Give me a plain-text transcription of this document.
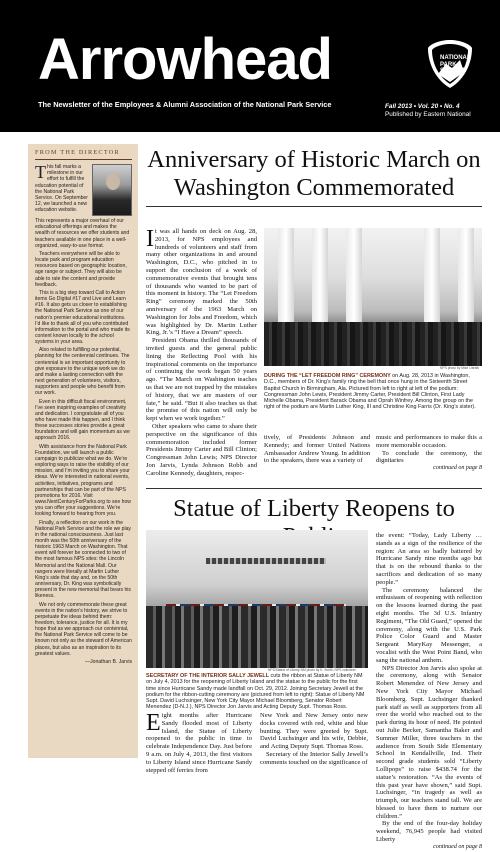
Arrowhead
The Newsletter of the Employees & Alumni Association of the National Park Service	Fall 2013 • Vol. 20 • No. 4
Published by Eastern National
NATIONAL PARK SERVICE
FROM THE DIRECTOR
This fall marks a milestone in our effort to fulfill the education potential of the National Park Service. On September 12, we launched a new education website.

This represents a major overhaul of our educational offerings and makes the wealth of resources we offer students and teachers available in one place in a well-organized, easy-to-use format.

Teachers everywhere will be able to locate park and program education resources based on geographic location, age range or subject. They will also be able to rate the content and provide feedback.

This is a big step toward Call to Action items Go Digital #17 and Live and Learn #16. It also gets us closer to establishing the National Park Service as one of our nation’s premier educational institutions. I’d like to thank all of you who contributed information to the portal and who made its content known locally to the school systems in your area.

Also related to fulfilling our potential, planning for the centennial continues. The centennial is an important opportunity to give exposure to the unique work we do and make a lasting connection with the next generation of volunteers, visitors, supporters and people who benefit from our work.

Even in this difficult fiscal environment, I’ve seen inspiring examples of creativity and dedication. I congratulate all of you who have made this happen, and I think these successes stories provide a great foundation and will gain momentum as we approach 2016.

With assistance from the National Park Foundation, we will launch a public campaign to publicize what we do. We’re exploring ways to raise the visibility of our mission, and I’m inviting you to share your ideas. We’re interested in national events, activities, initiatives, programs and partnerships that can be part of the NPS promotions for 2016. Visit www.NextCenturyForParks.org to see how you can offer your suggestions. We’re looking forward to hearing from you.

Finally, a reflection on our work in the National Park Service and the role we play in the national consciousness. Just last month was the 50th anniversary of the historic 1963 March on Washington. That event will forever be connected to two of the most famous NPS sites: the Lincoln Memorial and the National Mall. Our rangers were literally at Martin Luther King’s side that day and, on the 50th anniversary, Dr. King was symbolically present in the new memorial that bears his likeness.

We not only commemorate these great events in the nation’s history, we strive to perpetuate the ideas behind them: freedom, tolerance, justice for all. It is my hope that as we approach our centennial, the National Park Service will come to be known not only as the steward of American places, but also as an inspiration to its greatest values.

—Jonathan B. Jarvis

Anniversary of Historic March on Washington Commemorated

It was all hands on deck on Aug. 28, 2013, for NPS employees and hundreds of volunteers and staff from many other organizations in and around Washington, D.C., who pitched in to support the conclusion of a week of commemorative events that brought tens of thousands who wanted to be part of this moment in history. The “Let Freedom Ring” ceremony marked the 50th anniversary of the 1963 March on Washington for Jobs and Freedom, which was highlighted by Dr. Martin Luther King, Jr.’s “I Have a Dream” speech.

President Obama thrilled thousands of invited guests and the general public lining the Reflecting Pool with his inspirational comments on the importance of continuing the work began 50 years ago. “The March on Washington teaches us that we are not trapped by the mistakes of history, that we are masters of our fate,” he said. “But it also teaches us that the promise of this nation will only be kept when we work together.”

Other speakers who came to share their perspective on the significance of this commemoration included former Presidents Jimmy Carter and Bill Clinton; Congressman John Lewis; NPS Director Jon Jarvis, Lynda Johnson Robb and Caroline Kennedy, daughters, respec-

NPS photo by Mike Libratti
DURING THE “LET FREEDOM RING” CEREMONY on Aug. 28, 2013 in Washington, D.C., members of Dr. King’s family ring the bell that once hung in the Sixteenth Street Baptist Church in Birmingham, Ala. Pictured from left to right at left of the podium: Congressman John Lewis, President Jimmy Carter, President Bill Clinton, First Lady Michelle Obama, President Barack Obama and Oprah Winfrey. Among the group on the right of the podium are Martin Luther King, III and Christine King Farris (Dr. King’s sister).

tively, of Presidents Johnson and Kennedy; and former United Nations Ambassador Andrew Young. In addition to the speakers, there was a variety of

music and performances to make this a more memorable occasion.

To conclude the ceremony, the dignitaries

continued on page 8

Statue of Liberty Reopens to
NPS/Statue of Liberty NM photo by K. Smith, NPS volunteer
SECRETARY OF THE INTERIOR SALLY JEWELL cuts the ribbon at Statue of Liberty NM on July 4, 2013 for the reopening of Liberty Island and the statue to the public for the first time since Hurricane Sandy made landfall on Oct. 29, 2012. Joining Secretary Jewell at the podium for the ribbon-cutting ceremony are (pictured from left to right): Statue of Liberty NM Supt. David Luchsinger, New York City Mayor Michael Bloomberg, Senator Robert Menendez (D-N.J.), NPS Director Jon Jarvis and Acting Deputy Supt. Thomas Ross.

Eight months after Hurricane Sandy flooded most of Liberty Island, the Statue of Liberty reopened to the public in time to celebrate Independence Day. Just before 9 a.m. on July 4, 2013, the first visitors to Liberty Island since Hurricane Sandy stepped off ferries from

New York and New Jersey onto new docks covered with red, white and blue bunting. They were greeted by Supt. David Luchsinger and his wife, Debbie, and Acting Deputy Supt. Thomas Ross.

Secretary of the Interior Sally Jewell’s comments touched on the significance of

the event: “Today, Lady Liberty … stands as a sign of the resilience of the region: An area so badly battered by Hurricane Sandy nine months ago but that is on the rebound thanks to the sacrifices and dedication of so many people.”

The ceremony balanced the enthusiasm of reopening with reflection on the lessons learned during the past eight months. The 3d U.S. Infantry Regiment, “The Old Guard,” opened the ceremony, along with the U.S. Park Police Color Guard and Master Sergeant MaryKay Messenger, a vocalist with the West Point Band, who sang the national anthem.

NPS Director Jon Jarvis also spoke at the ceremony, along with Senator Robert Menendez of New Jersey and New York City Mayor Michael Bloomberg. Supt. Luchsinger thanked park staff as well as supporters from all over the world who reached out to the park during its hour of need. He pointed out Julie Becker, Samantha Baker and Summer Miller, three teachers in the audience from South Side Elementary School in Kendallville, Ind. Their second grade students sold “Liberty Lollipops” to raise $438.74 for the statue’s restoration. “As the events of this past year have shown,” said Supt. Luchsinger, “in tragedy as well as triumph, our teachers stand tall. We are blessed to have them to nurture our children.”

By the end of the four-day holiday weekend, 76,945 people had visited Liberty

continued on page 8
